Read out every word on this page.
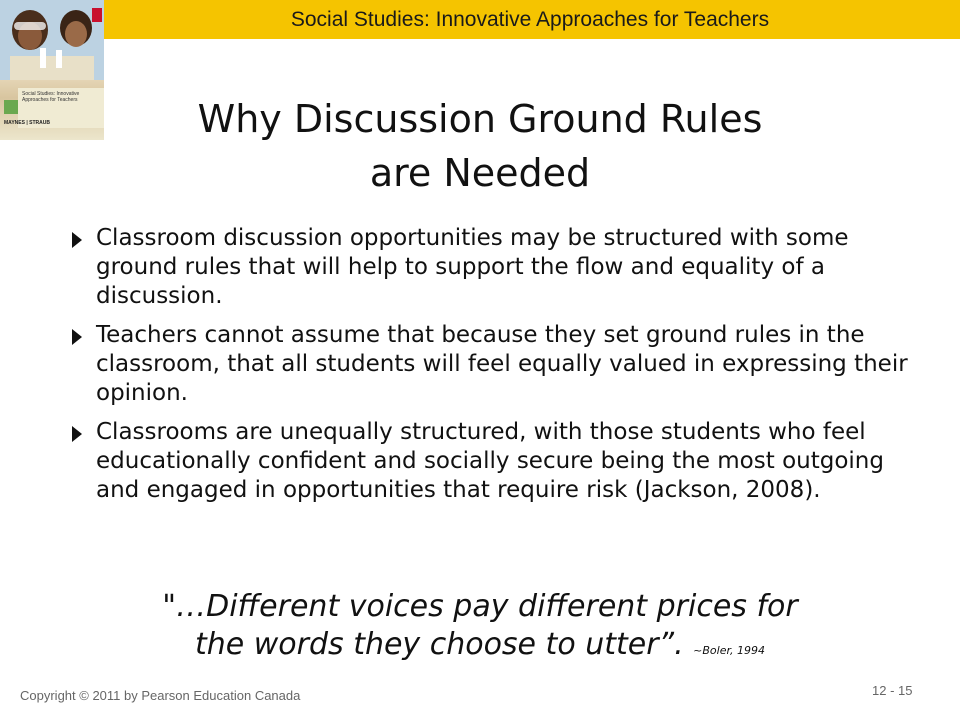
Social Studies: Innovative Approaches for Teachers
Social Studies: Innovative Approaches for Teachers
MAYNES | STRAUB	Why Discussion Ground Rules
are Needed
Classroom discussion opportunities may be structured with some ground rules that will help to support the flow and equality of a discussion.
Teachers cannot assume that because they set ground rules in the classroom, that all students will feel equally valued in expressing their opinion.
Classrooms are unequally structured, with those students who feel educationally confident and socially secure being the most outgoing and engaged in opportunities that require risk (Jackson, 2008).
"…Different voices pay different prices for
the words they choose to utter”. ~Boler, 1994
Copyright © 2011 by Pearson Education Canada	12 - 15
